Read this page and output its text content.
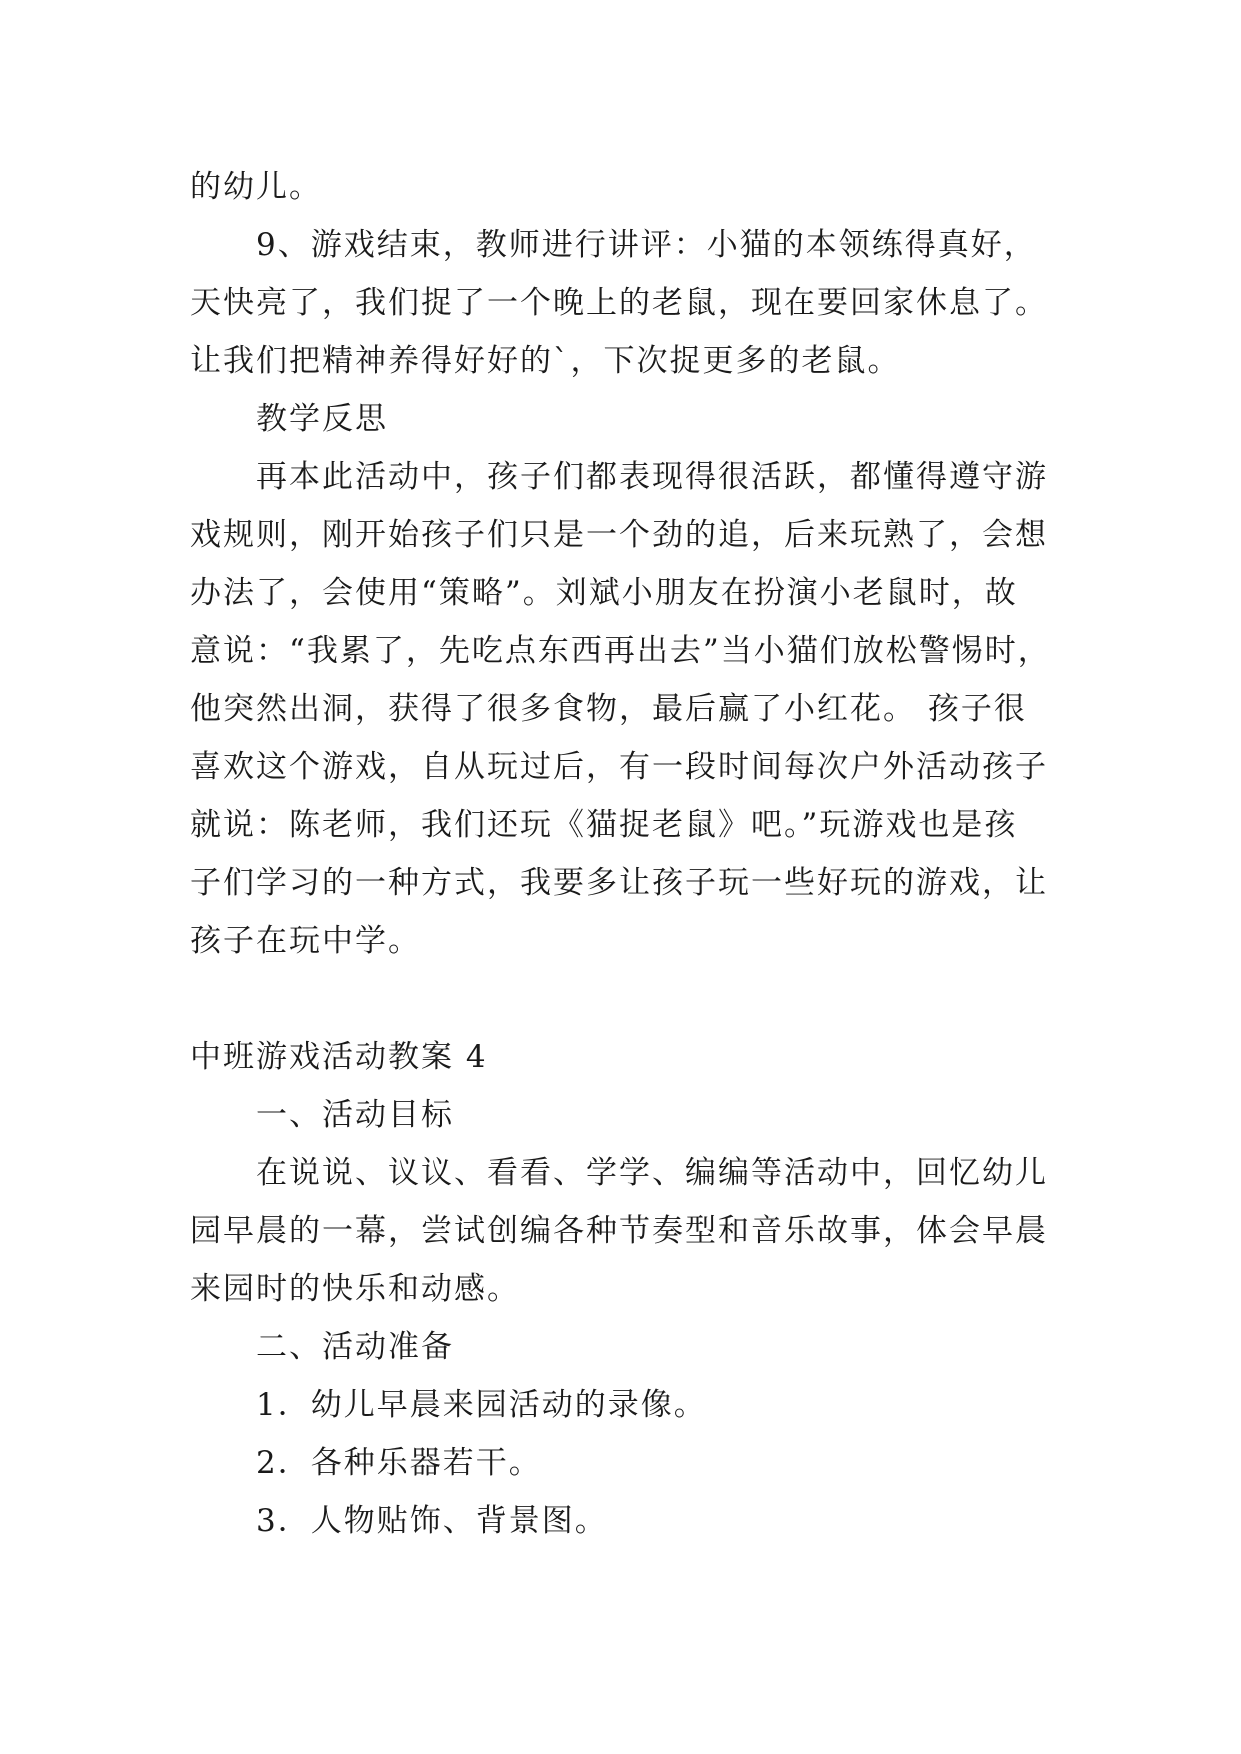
的幼儿。
9、游戏结束，教师进行讲评：小猫的本领练得真好，
天快亮了，我们捉了一个晚上的老鼠，现在要回家休息了。
让我们把精神养得好好的`，下次捉更多的老鼠。
教学反思
再本此活动中，孩子们都表现得很活跃，都懂得遵守游
戏规则，刚开始孩子们只是一个劲的追，后来玩熟了，会想
办法了，会使用“策略”。刘斌小朋友在扮演小老鼠时，故
意说：“我累了，先吃点东西再出去”当小猫们放松警惕时，
他突然出洞，获得了很多食物，最后赢了小红花。 孩子很
喜欢这个游戏，自从玩过后，有一段时间每次户外活动孩子
就说：陈老师，我们还玩《猫捉老鼠》吧。”玩游戏也是孩
子们学习的一种方式，我要多让孩子玩一些好玩的游戏，让
孩子在玩中学。
中班游戏活动教案 4
一、活动目标
在说说、议议、看看、学学、编编等活动中，回忆幼儿
园早晨的一幕，尝试创编各种节奏型和音乐故事，体会早晨
来园时的快乐和动感。
二、活动准备
1．幼儿早晨来园活动的录像。
2．各种乐器若干。
3．人物贴饰、背景图。
